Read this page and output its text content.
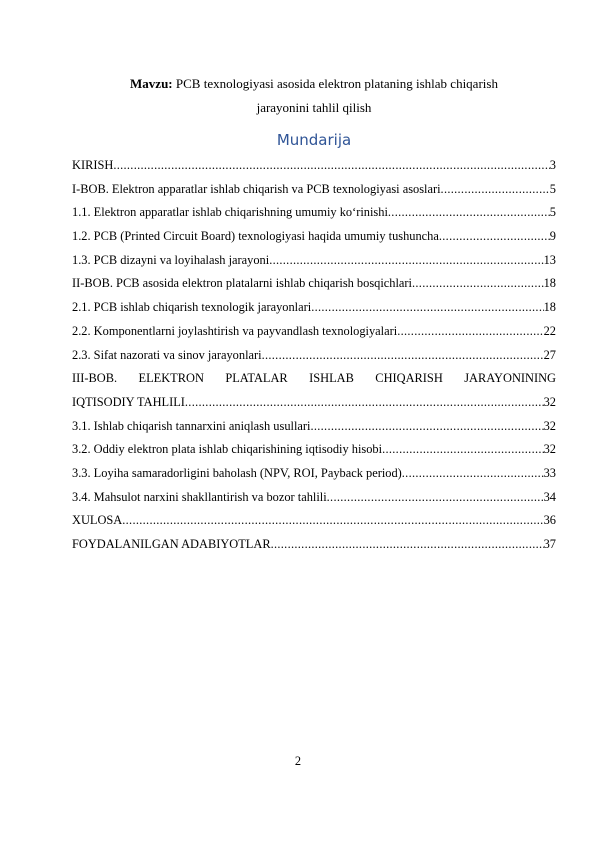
Mavzu: PCB texnologiyasi asosida elektron plataning ishlab chiqarish
jarayonini tahlil qilish
Mundarija
KIRISH .....	3
I-BOB. Elektron apparatlar ishlab chiqarish va PCB texnologiyasi asoslari .....	5
1.1. Elektron apparatlar ishlab chiqarishning umumiy ko‘rinishi .....	5
1.2. PCB (Printed Circuit Board) texnologiyasi haqida umumiy tushuncha .....	9
1.3. PCB dizayni va loyihalash jarayoni .....	13
II-BOB. PCB asosida elektron platalarni ishlab chiqarish bosqichlari .....	18
2.1. PCB ishlab chiqarish texnologik jarayonlari .....	18
2.2. Komponentlarni joylashtirish va payvandlash texnologiyalari .....	22
2.3. Sifat nazorati va sinov jarayonlari .....	27
III-BOB. ELEKTRON PLATALAR ISHLAB CHIQARISH JARAYONINING
IQTISODIY TAHLILI .....	32
3.1. Ishlab chiqarish tannarxini aniqlash usullari .....	32
3.2. Oddiy elektron plata ishlab chiqarishining iqtisodiy hisobi .....	32
3.3. Loyiha samaradorligini baholash (NPV, ROI, Payback period) .....	33
3.4. Mahsulot narxini shakllantirish va bozor tahlili .....	34
XULOSA .....	36
FOYDALANILGAN ADABIYOTLAR .....	37
2
